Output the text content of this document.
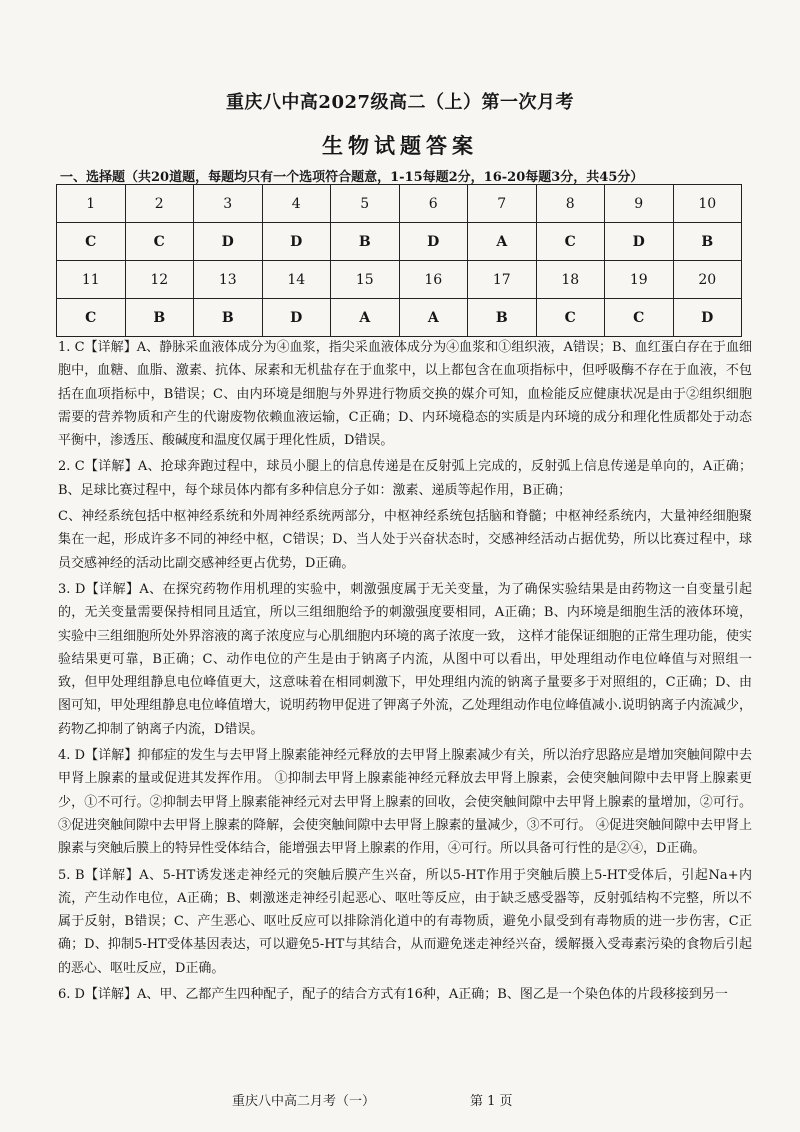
重庆八中高2027级高二（上）第一次月考
生物试题答案
一、选择题（共20道题，每题均只有一个选项符合题意，1-15每题2分，16-20每题3分，共45分）
1	2	3	4	5	6	7	8	9	10
C	C	D	D	B	D	A	C	D	B
11	12	13	14	15	16	17	18	19	20
C	B	B	D	A	A	B	C	C	D

1. C【详解】A、静脉采血液体成分为④血浆，指尖采血液体成分为④血浆和①组织液，A错误；B、血红蛋白存在于血细胞中，血糖、血脂、激素、抗体、尿素和无机盐存在于血浆中，以上都包含在血项指标中，但呼吸酶不存在于血液，不包括在血项指标中，B错误；C、由内环境是细胞与外界进行物质交换的媒介可知，血检能反应健康状况是由于②组织细胞需要的营养物质和产生的代谢废物依赖血液运输，C正确；D、内环境稳态的实质是内环境的成分和理化性质都处于动态平衡中，渗透压、酸碱度和温度仅属于理化性质，D错误。

2. C【详解】A、抢球奔跑过程中，球员小腿上的信息传递是在反射弧上完成的，反射弧上信息传递是单向的，A正确；B、足球比赛过程中，每个球员体内都有多种信息分子如：激素、递质等起作用，B正确；

C、神经系统包括中枢神经系统和外周神经系统两部分，中枢神经系统包括脑和脊髓；中枢神经系统内，大量神经细胞聚集在一起，形成许多不同的神经中枢，C错误；D、当人处于兴奋状态时，交感神经活动占据优势，所以比赛过程中，球员交感神经的活动比副交感神经更占优势，D正确。

3. D【详解】A、在探究药物作用机理的实验中，刺激强度属于无关变量，为了确保实验结果是由药物这一自变量引起的，无关变量需要保持相同且适宜，所以三组细胞给予的刺激强度要相同，A正确；B、内环境是细胞生活的液体环境，实验中三组细胞所处外界溶液的离子浓度应与心肌细胞内环境的离子浓度一致， 这样才能保证细胞的正常生理功能，使实验结果更可靠，B正确；C、动作电位的产生是由于钠离子内流，从图中可以看出，甲处理组动作电位峰值与对照组一致，但甲处理组静息电位峰值更大，这意味着在相同刺激下，甲处理组内流的钠离子量要多于对照组的，C正确；D、由图可知，甲处理组静息电位峰值增大，说明药物甲促进了钾离子外流，乙处理组动作电位峰值减小.说明钠离子内流减少，药物乙抑制了钠离子内流，D错误。

4. D【详解】抑郁症的发生与去甲肾上腺素能神经元释放的去甲肾上腺素减少有关，所以治疗思路应是增加突触间隙中去甲肾上腺素的量或促进其发挥作用。 ①抑制去甲肾上腺素能神经元释放去甲肾上腺素，会使突触间隙中去甲肾上腺素更少，①不可行。②抑制去甲肾上腺素能神经元对去甲肾上腺素的回收，会使突触间隙中去甲肾上腺素的量增加，②可行。③促进突触间隙中去甲肾上腺素的降解，会使突触间隙中去甲肾上腺素的量减少，③不可行。 ④促进突触间隙中去甲肾上腺素与突触后膜上的特异性受体结合，能增强去甲肾上腺素的作用，④可行。所以具备可行性的是②④，D正确。

5. B【详解】A、5-HT诱发迷走神经元的突触后膜产生兴奋，所以5-HT作用于突触后膜上5-HT受体后，引起Na+内流，产生动作电位，A正确；B、刺激迷走神经引起恶心、呕吐等反应，由于缺乏感受器等，反射弧结构不完整，所以不属于反射，B错误；C、产生恶心、呕吐反应可以排除消化道中的有毒物质，避免小鼠受到有毒物质的进一步伤害，C正确；D、抑制5-HT受体基因表达，可以避免5-HT与其结合，从而避免迷走神经兴奋，缓解摄入受毒素污染的食物后引起的恶心、呕吐反应，D正确。

6. D【详解】A、甲、乙都产生四种配子，配子的结合方式有16种，A正确；B、图乙是一个染色体的片段移接到另一

重庆八中高二月考（一）	第 1 页
